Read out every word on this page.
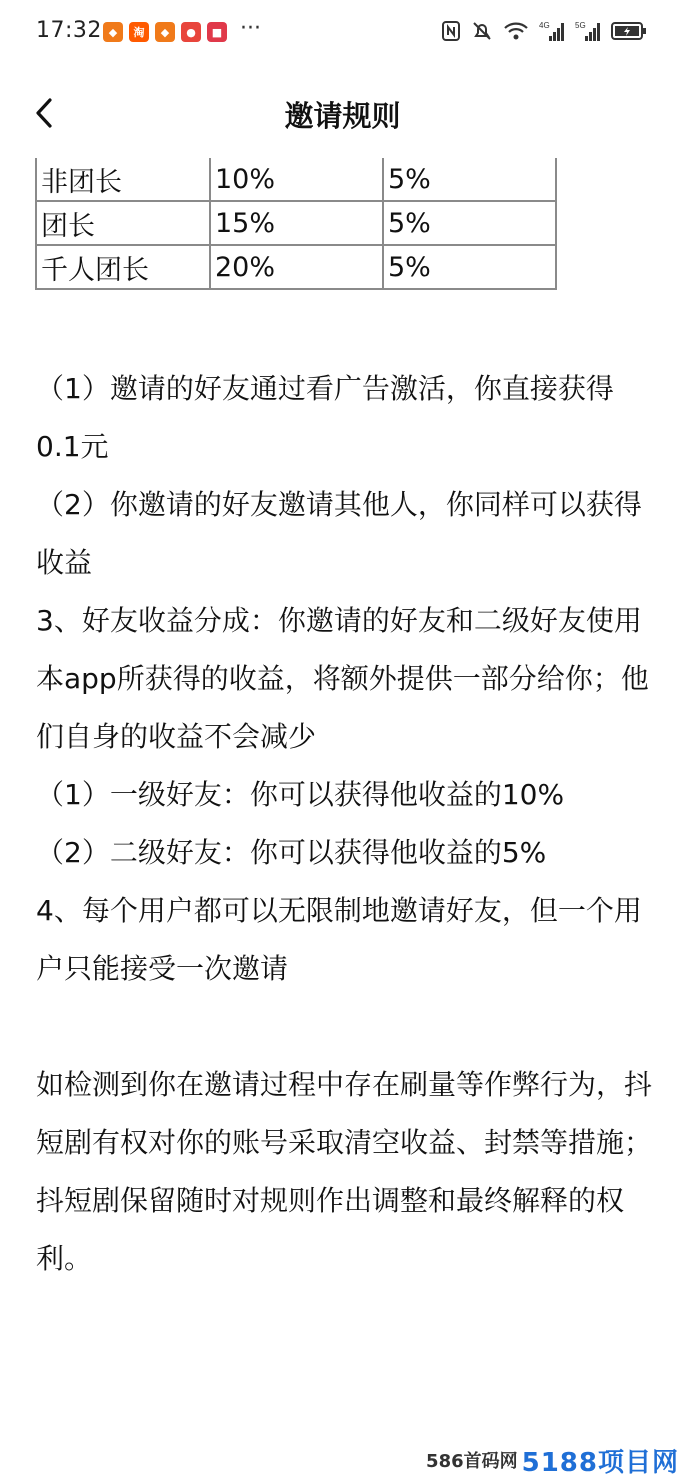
17:32 ◆	淘	◆	●	■ ···	4G	5G
邀请规则
非团长	10%	5%
团长	15%	5%
千人团长	20%	5%

（1）邀请的好友通过看广告激活，你直接获得0.1元

（2）你邀请的好友邀请其他人，你同样可以获得收益

3、好友收益分成：你邀请的好友和二级好友使用本app所获得的收益，将额外提供一部分给你；他们自身的收益不会减少

（1）一级好友：你可以获得他收益的10%

（2）二级好友：你可以获得他收益的5%

4、每个用户都可以无限制地邀请好友，但一个用户只能接受一次邀请

如检测到你在邀请过程中存在刷量等作弊行为，抖短剧有权对你的账号采取清空收益、封禁等措施；

抖短剧保留随时对规则作出调整和最终解释的权利。

586首码网 5188项目网
